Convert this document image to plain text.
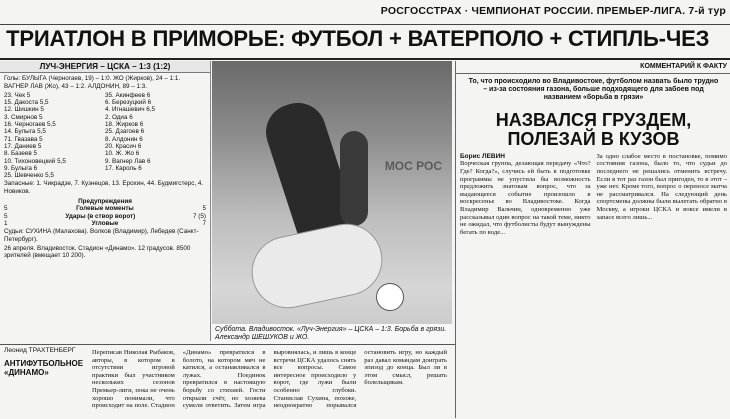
РОСГОССТРАХ · ЧЕМПИОНАТ РОССИИ. ПРЕМЬЕР-ЛИГА. 7-й тур
ТРИАТЛОН В ПРИМОРЬЕ: ФУТБОЛ + ВАТЕРПОЛО + СТИПЛЬ-ЧЕЗ
ЛУЧ-ЭНЕРГИЯ – ЦСКА – 1:3 (1:2)
Голы: БУЛЫГА (Черногаев, 19) – 1:0. ЖО (Жирков), 24 – 1:1. ВАГНЕР ЛАВ (Жо), 43 – 1:2. АЛДОНИН, 89 – 1:3.
23. Чек 5
15. Дакоста 5,5
12. Шишкин 5
3. Смирнов 5
16. Черногаев 5,5
14. Булыга 5,5
71. Гвазава 5
17. Даниев 5
8. Базеев 5
10. Тихоновецкий 5,5
9. Булыга 6
25. Шевченко 5,5
35. Акинфеев 6
6. Березуцкий 6
4. Игнашевич 6,5
2. Одиа 6
18. Жирков 6
25. Дзагоев 6
8. Алдонин 6
20. Красич 6
10. Ж. Жо 6
9. Вагнер Лав 6
17. Кароль 6
Запасные: 1. Чикрадзе, 7. Кузнецов, 13. Ерохин, 44. Будмигстерс, 4. Новиков.
Предупреждения
5	Голевые моменты	5
5	Удары (в створ ворот)	7 (5)
1	Угловые	7
Судьи: СУХИНА (Малахова). Волков (Владимир), Лебедев (Санкт-Петербург).
26 апреля. Владивосток. Стадион «Динамо». 12 градусов. 8500 зрителей (вмещает 10 200).
МОС РОС
Суббота. Владивосток. «Луч-Энергия» – ЦСКА – 1:3. Борьба в грязи. Александр ШЕШУКОВ и ЖО.
КОММЕНТАРИЙ К ФАКТУ
То, что происходило во Владивостоке, футболом назвать было трудно – из-за состояния газона, больше подходящего для забоев под названием «борьба в грязи»
НАЗВАЛСЯ ГРУЗДЕМ, ПОЛЕЗАЙ В КУЗОВ
Борис ЛЕВИН
Ворческая группа, делающая передачу «Что? Где? Когда?», случись ей быть в подготовке программы не упустила бы возможность предложить знатокам вопрос, что за выдающееся событие произошло в воскресенье во Владивостоке. Когда Владимир Вальчин, одновременно уже рассказывал один вопрос на такой теме, никто не ожидал, что футболисты будут вынуждены бегать по воде...
За одно слабое место в постановке, помимо состояния газона, было то, что судьи до последнего не решались отменить встречу. Если в тот раз газон был пригоден, то в этот – уже нет. Кроме того, вопрос о переносе матча не рассматривался. На следующий день спортсмены должны были вылетать обратно в Москву, а игроки ЦСКА и вовсе имели в запасе всего лишь...
Леонид ТРАХТЕНБЕРГ
АНТИФУТБОЛЬНОЕ «ДИНАМО»
Переписав Николая Рыбаков, авторы, в котором в отсутствии игровой практики был участником нескольких сезонов Премьер-лиги, пока не очень хорошо понимали, что происходит на поле. Стадион «Динамо» превратился в болото, на котором мяч не катился, а останавливался в лужах. Поединок превратился в настоящую борьбу со стихией. Гости открыли счёт, но хозяева сумели ответить. Затем игра выровнялась, и лишь в конце встречи ЦСКА удалось снять все вопросы. Самое интересное происходило у ворот, где лужи были особенно глубоки. Станислав Сухина, похоже, неоднократно порывался остановить игру, но каждый раз давал командам доиграть эпизод до конца. Был ли в этом смысл, решать болельщикам.
